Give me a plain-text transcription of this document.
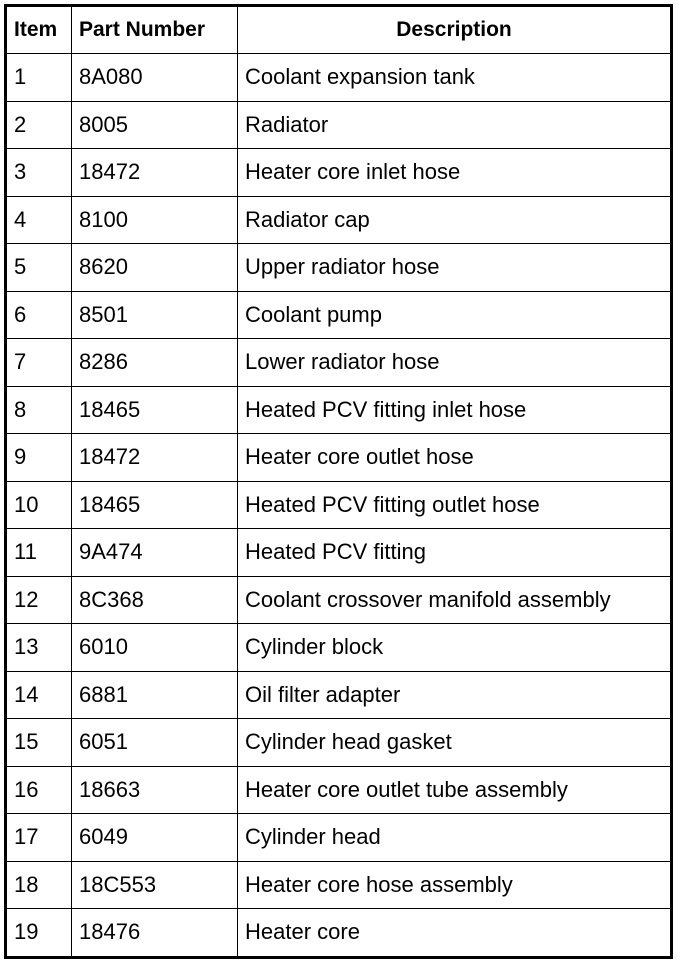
Item	Part Number	Description
1	8A080	Coolant expansion tank
2	8005	Radiator
3	18472	Heater core inlet hose
4	8100	Radiator cap
5	8620	Upper radiator hose
6	8501	Coolant pump
7	8286	Lower radiator hose
8	18465	Heated PCV fitting inlet hose
9	18472	Heater core outlet hose
10	18465	Heated PCV fitting outlet hose
11	9A474	Heated PCV fitting
12	8C368	Coolant crossover manifold assembly
13	6010	Cylinder block
14	6881	Oil filter adapter
15	6051	Cylinder head gasket
16	18663	Heater core outlet tube assembly
17	6049	Cylinder head
18	18C553	Heater core hose assembly
19	18476	Heater core
